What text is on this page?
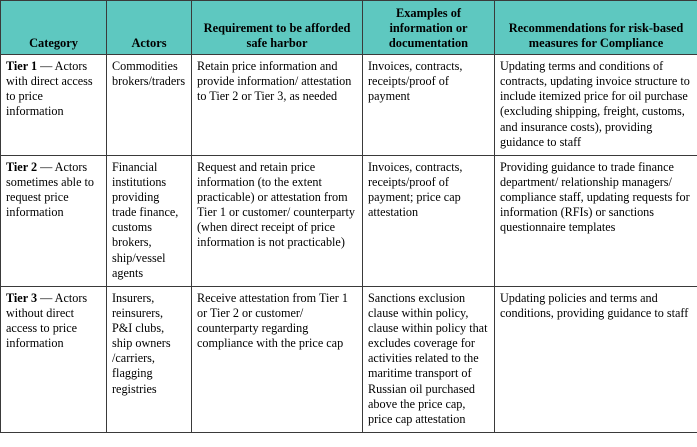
Category	Actors	Requirement to be afforded safe harbor	Examples of information or documentation	Recommendations for risk-based measures for Compliance
Tier 1 — Actors with direct access to price information	Commodities brokers/traders	Retain price information and provide information/ attestation to Tier 2 or Tier 3, as needed	Invoices, contracts, receipts/proof of payment	Updating terms and conditions of contracts, updating invoice structure to include itemized price for oil purchase (excluding shipping, freight, customs, and insurance costs), providing guidance to staff
Tier 2 — Actors sometimes able to request price information	Financial institutions providing trade finance, customs brokers, ship/vessel agents	Request and retain price information (to the extent practicable) or attestation from Tier 1 or customer/ counterparty (when direct receipt of price information is not practicable)	Invoices, contracts, receipts/proof of payment; price cap attestation	Providing guidance to trade finance department/ relationship managers/ compliance staff, updating requests for information (RFIs) or sanctions questionnaire templates
Tier 3 — Actors without direct access to price information	Insurers, reinsurers, P&I clubs, ship owners /carriers, flagging registries	Receive attestation from Tier 1 or Tier 2 or customer/ counterparty regarding compliance with the price cap	Sanctions exclusion clause within policy, clause within policy that excludes coverage for activities related to the maritime transport of Russian oil purchased above the price cap, price cap attestation	Updating policies and terms and conditions, providing guidance to staff
